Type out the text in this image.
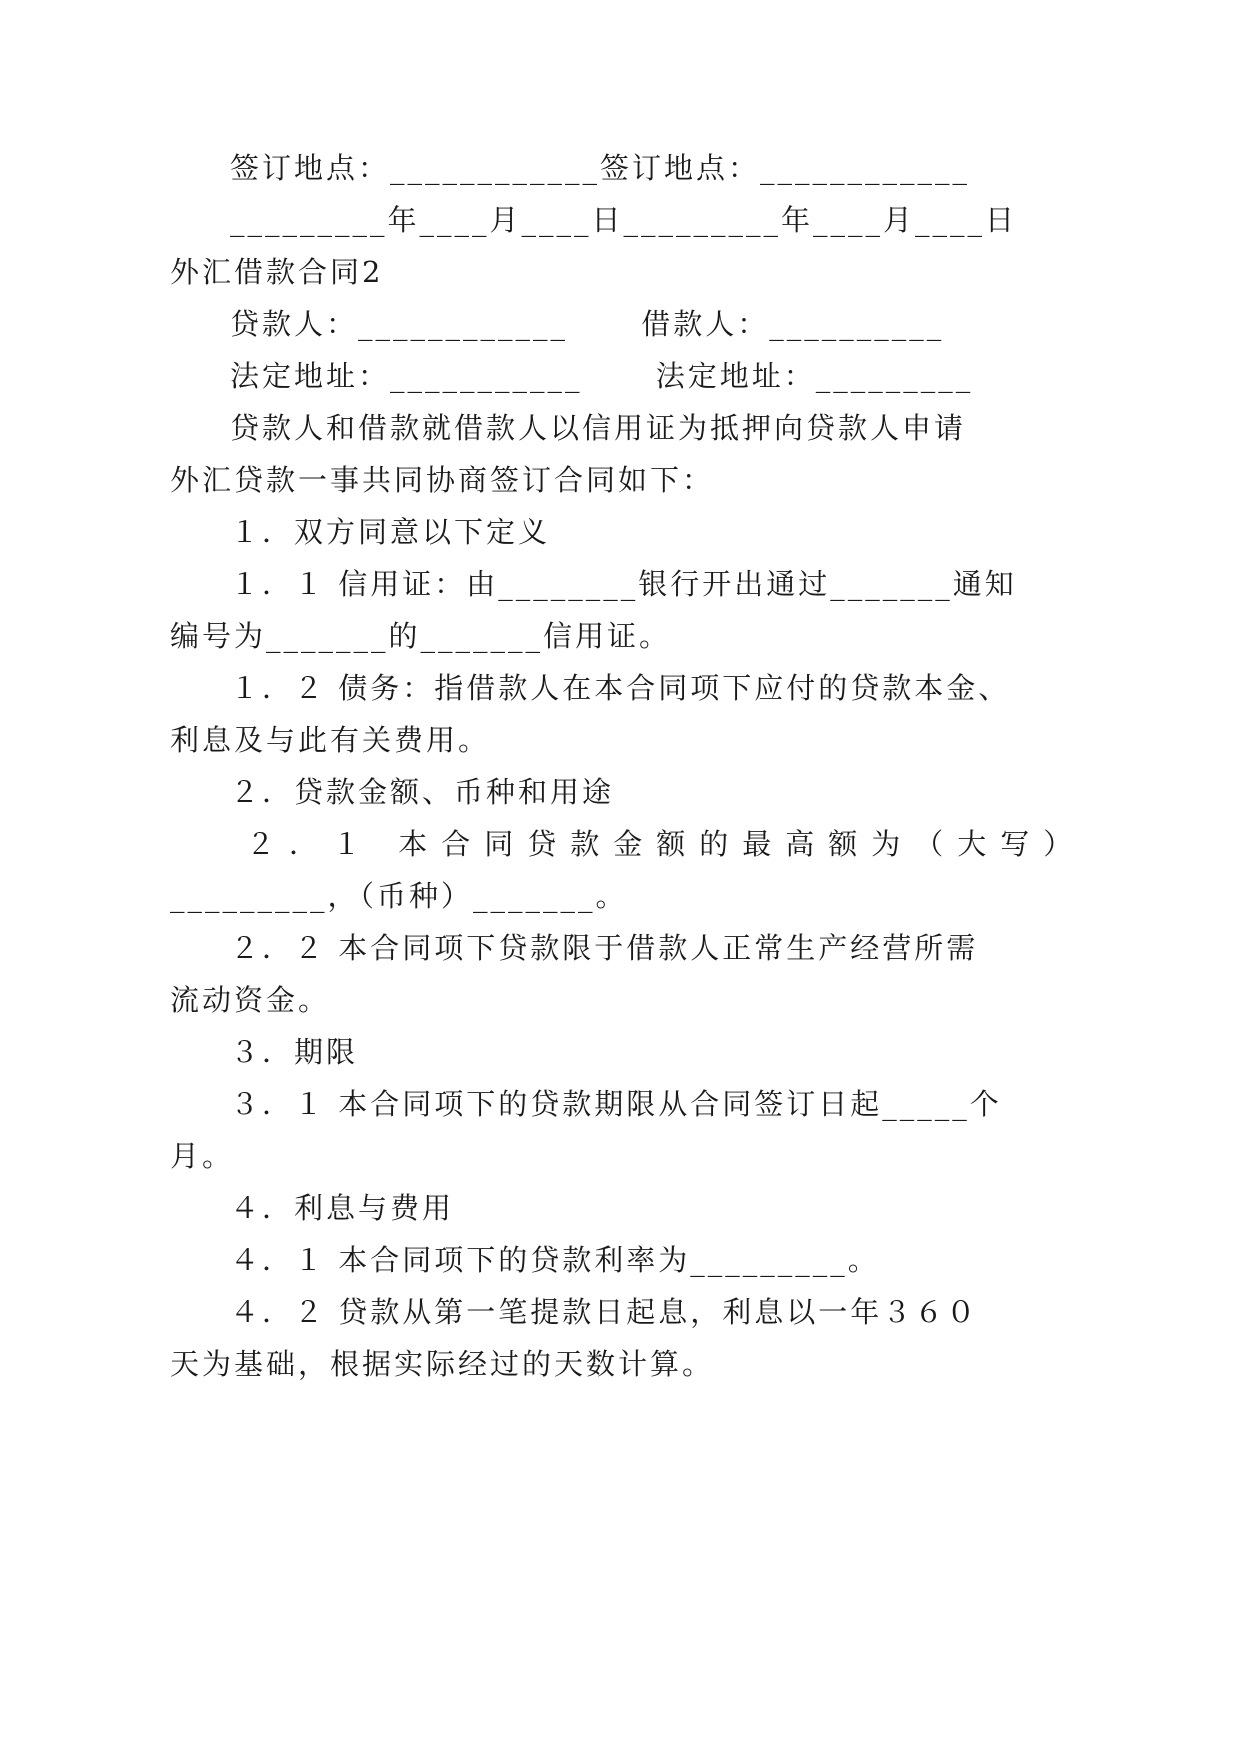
签订地点：____________签订地点：____________
_________年____月____日_________年____月____日
外汇借款合同2
贷款人：____________      借款人：__________
法定地址：___________      法定地址：_________
贷款人和借款就借款人以信用证为抵押向贷款人申请
外汇贷款一事共同协商签订合同如下：
１．双方同意以下定义
１．１ 信用证：由________银行开出通过_______通知
编号为_______的_______信用证。
１．２ 债务：指借款人在本合同项下应付的贷款本金、
利息及与此有关费用。
２．贷款金额、币种和用途
２．１ 本合同贷款金额的最高额为（大写）
_________，（币种）_______。
２．２ 本合同项下贷款限于借款人正常生产经营所需
流动资金。
３．期限
３．１ 本合同项下的贷款期限从合同签订日起_____个
月。
４．利息与费用
４．１ 本合同项下的贷款利率为_________。
４．２ 贷款从第一笔提款日起息，利息以一年３６０
天为基础，根据实际经过的天数计算。
